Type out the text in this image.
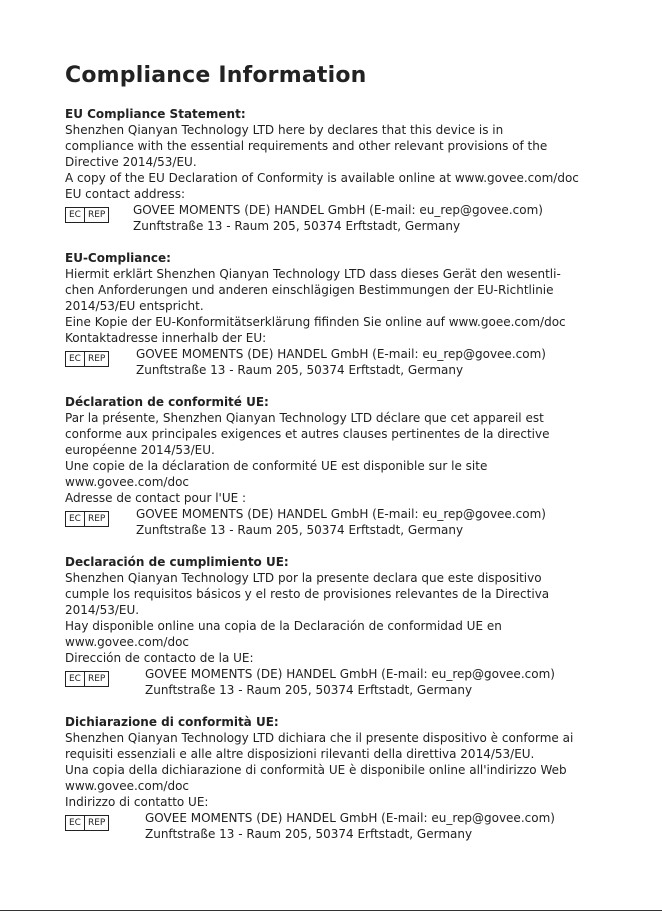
Compliance Information
EU Compliance Statement:
Shenzhen Qianyan Technology LTD here by declares that this device is in
compliance with the essential requirements and other relevant provisions of the
Directive 2014/53/EU.
A copy of the EU Declaration of Conformity is available online at www.govee.com/doc
EU contact address:
EC REP GOVEE MOMENTS (DE) HANDEL GmbH (E-mail: eu_rep@govee.com)
Zunftstraße 13 - Raum 205, 50374 Erftstadt, Germany
EU-Compliance:
Hiermit erklärt Shenzhen Qianyan Technology LTD dass dieses Gerät den wesentli-
chen Anforderungen und anderen einschlägigen Bestimmungen der EU-Richtlinie
2014/53/EU entspricht.
Eine Kopie der EU-Konformitätserklärung fifinden Sie online auf www.goee.com/doc
Kontaktadresse innerhalb der EU:
EC REP	GOVEE MOMENTS (DE) HANDEL GmbH (E-mail: eu_rep@govee.com)
Zunftstraße 13 - Raum 205, 50374 Erftstadt, Germany
Déclaration de conformité UE:
Par la présente, Shenzhen Qianyan Technology LTD déclare que cet appareil est
conforme aux principales exigences et autres clauses pertinentes de la directive
européenne 2014/53/EU.
Une copie de la déclaration de conformité UE est disponible sur le site
www.govee.com/doc
Adresse de contact pour l'UE :
EC REP	GOVEE MOMENTS (DE) HANDEL GmbH (E-mail: eu_rep@govee.com)
Zunftstraße 13 - Raum 205, 50374 Erftstadt, Germany
Declaración de cumplimiento UE:
Shenzhen Qianyan Technology LTD por la presente declara que este dispositivo
cumple los requisitos básicos y el resto de provisiones relevantes de la Directiva
2014/53/EU.
Hay disponible online una copia de la Declaración de conformidad UE en
www.govee.com/doc
Dirección de contacto de la UE:
EC REP	GOVEE MOMENTS (DE) HANDEL GmbH (E-mail: eu_rep@govee.com)
Zunftstraße 13 - Raum 205, 50374 Erftstadt, Germany
Dichiarazione di conformità UE:
Shenzhen Qianyan Technology LTD dichiara che il presente dispositivo è conforme ai
requisiti essenziali e alle altre disposizioni rilevanti della direttiva 2014/53/EU.
Una copia della dichiarazione di conformità UE è disponibile online all'indirizzo Web
www.govee.com/doc
Indirizzo di contatto UE:
EC REP	GOVEE MOMENTS (DE) HANDEL GmbH (E-mail: eu_rep@govee.com)
Zunftstraße 13 - Raum 205, 50374 Erftstadt, Germany
